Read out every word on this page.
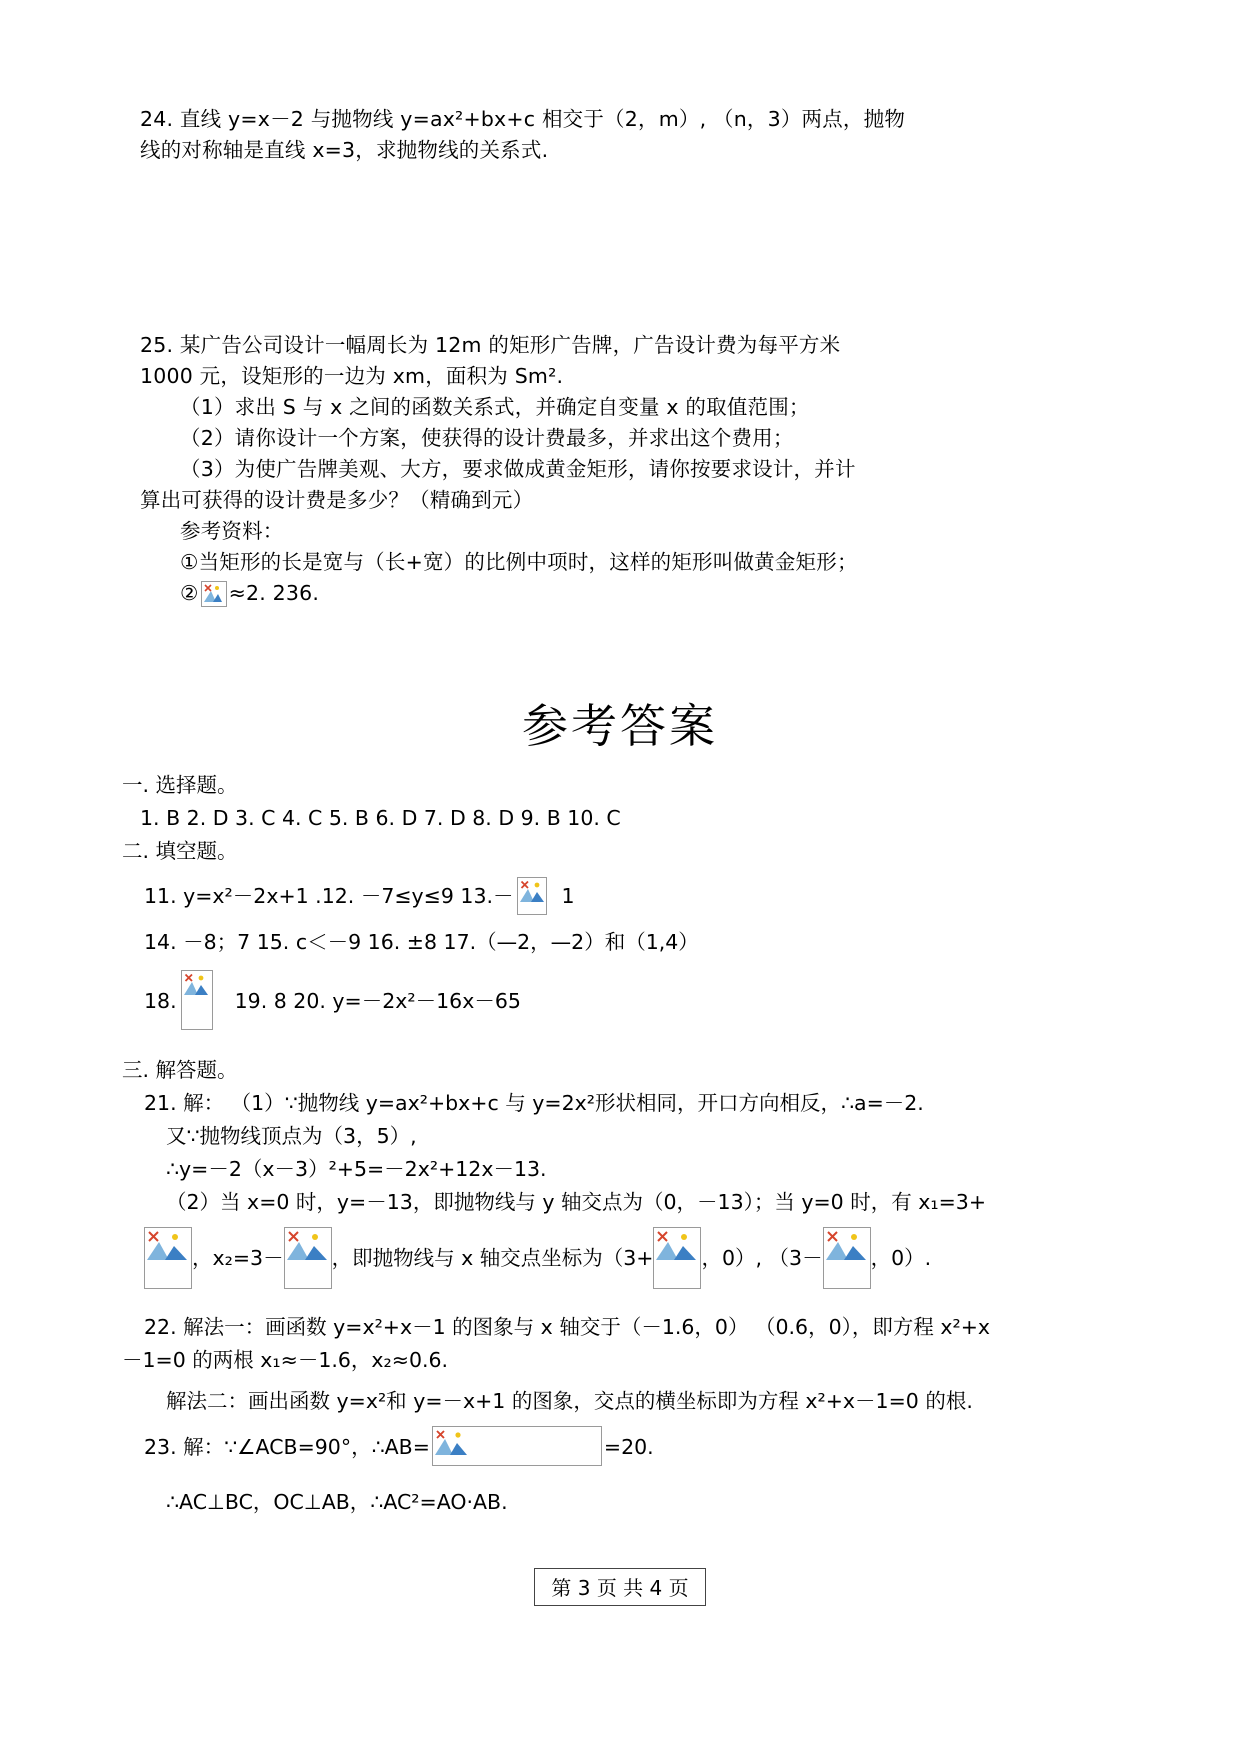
24. 直线 y=x－2 与抛物线 y=ax²+bx+c 相交于（2，m）, （n，3）两点，抛物
线的对称轴是直线 x=3，求抛物线的关系式.
25. 某广告公司设计一幅周长为 12m 的矩形广告牌，广告设计费为每平方米
1000 元，设矩形的一边为 xm，面积为 Sm².
（1）求出 S 与 x 之间的函数关系式，并确定自变量 x 的取值范围；
（2）请你设计一个方案，使获得的设计费最多，并求出这个费用；
（3）为使广告牌美观、大方，要求做成黄金矩形，请你按要求设计，并计
算出可获得的设计费是多少？（精确到元）
参考资料：
①当矩形的长是宽与（长+宽）的比例中项时，这样的矩形叫做黄金矩形；
② ≈2. 236.
参考答案
一. 选择题。
1. B 2. D 3. C 4. C 5. B 6. D 7. D 8. D 9. B 10. C
二. 填空题。
11. y=x²－2x+1 .12. －7≤y≤9 13.－ 1
14. －8；7 15. c＜－9 16. ±8 17.（—2，—2）和（1,4）
18.	19. 8 20. y=－2x²－16x－65
三. 解答题。
21. 解： （1）∵抛物线 y=ax²+bx+c 与 y=2x²形状相同，开口方向相反，∴a=－2.
又∵抛物线顶点为（3，5）,
∴y=－2（x－3）²+5=－2x²+12x－13.
（2）当 x=0 时，y=－13，即抛物线与 y 轴交点为（0，－13）；当 y=0 时，有 x₁=3+
，x₂=3－ ，即抛物线与 x 轴交点坐标为（3+ ，0）, （3－ ，0）.
22. 解法一：画函数 y=x²+x－1 的图象与 x 轴交于（－1.6，0） （0.6，0），即方程 x²+x
－1=0 的两根 x₁≈－1.6，x₂≈0.6.
解法二：画出函数 y=x²和 y=－x+1 的图象，交点的横坐标即为方程 x²+x－1=0 的根.
23. 解：∵∠ACB=90°，∴AB=	=20.
∴AC⊥BC，OC⊥AB，∴AC²=AO·AB.
第 3 页 共 4 页
